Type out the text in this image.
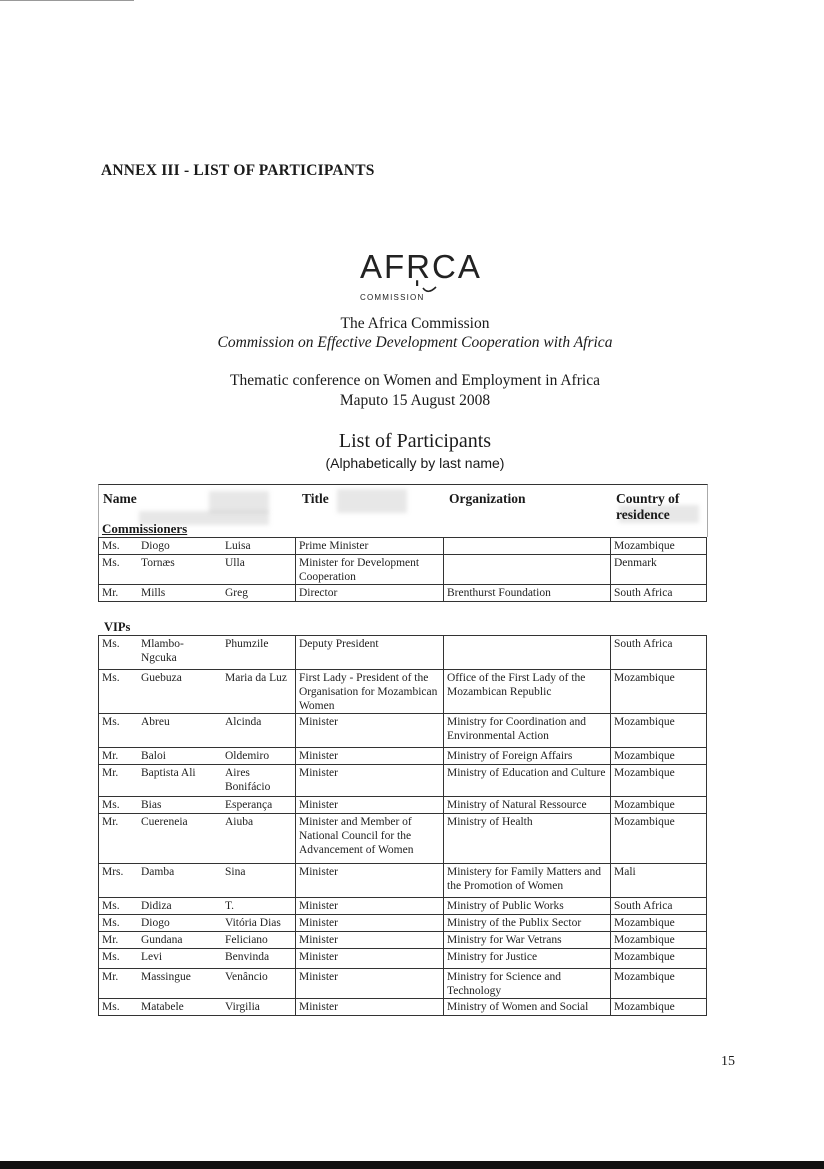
ANNEX III - LIST OF PARTICIPANTS
AFR̩CA
COMMISSION
The Africa Commission
Commission on Effective Development Cooperation with Africa
Thematic conference on Women and Employment in Africa
Maputo 15 August 2008
List of Participants
(Alphabetically by last name)
Name	Title	Organization	Country of residence
Commissioners
Ms.	Diogo	Luisa	Prime Minister		Mozambique
Ms.	Tornæs	Ulla	Minister for Development Cooperation		Denmark
Mr.	Mills	Greg	Director	Brenthurst Foundation	South Africa
VIPs
Ms.	Mlambo-Ngcuka	Phumzile	Deputy President		South Africa
Ms.	Guebuza	Maria da Luz	First Lady - President of the Organisation for Mozambican Women	Office of the First Lady of the Mozambican Republic	Mozambique
Ms.	Abreu	Alcinda	Minister	Ministry for Coordination and Environmental Action	Mozambique
Mr.	Baloi	Oldemiro	Minister	Ministry of Foreign Affairs	Mozambique
Mr.	Baptista Ali	Aires Bonifácio	Minister	Ministry of Education and Culture	Mozambique
Ms.	Bias	Esperança	Minister	Ministry of Natural Ressource	Mozambique
Mr.	Cuereneia	Aiuba	Minister and Member of National Council for the Advancement of Women	Ministry of Health	Mozambique
Mrs.	Damba	Sina	Minister	Ministery for Family Matters and the Promotion of Women	Mali
Ms.	Didiza	T.	Minister	Ministry of Public Works	South Africa
Ms.	Diogo	Vitória Dias	Minister	Ministry of the Publix Sector	Mozambique
Mr.	Gundana	Feliciano	Minister	Ministry for War Vetrans	Mozambique
Ms.	Levi	Benvinda	Minister	Ministry for Justice	Mozambique
Mr.	Massingue	Venâncio	Minister	Ministry for Science and Technology	Mozambique
Ms.	Matabele	Virgilia	Minister	Ministry of Women and Social	Mozambique
15
